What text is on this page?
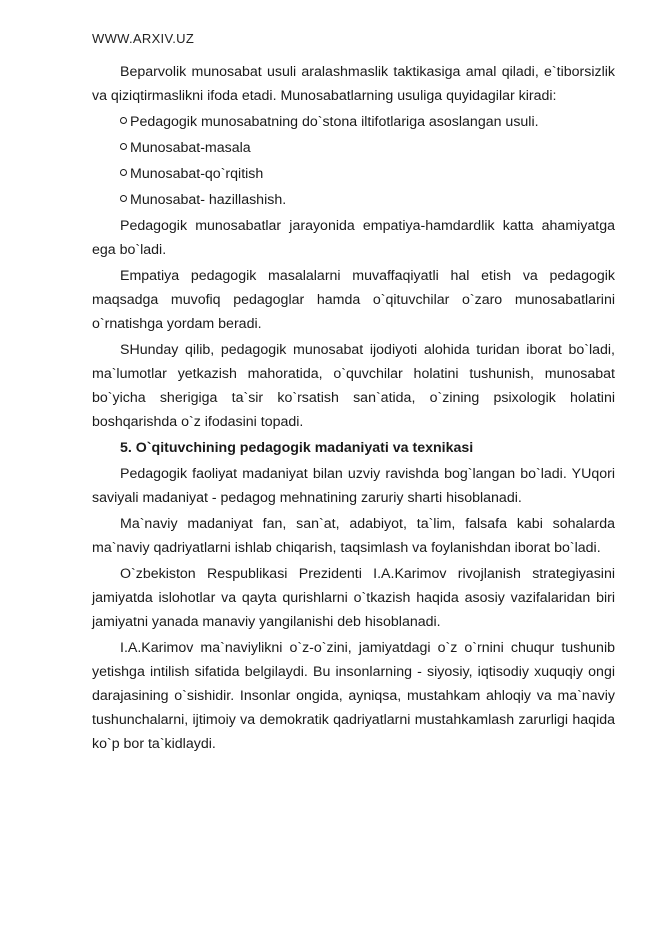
WWW.ARXIV.UZ

Beparvolik munosabat usuli aralashmaslik taktikasiga amal qiladi, e`tiborsizlik va qiziqtirmaslikni ifoda etadi. Munosabatlarning usuliga quyidagilar kiradi:

Pedagogik munosabatning do`stona iltifotlariga asoslangan usuli.
Munosabat-masala
Munosabat-qo`rqitish
Munosabat- hazillashish.

Pedagogik munosabatlar jarayonida empatiya-hamdardlik katta ahamiyatga ega bo`ladi.

Empatiya pedagogik masalalarni muvaffaqiyatli hal etish va pedagogik maqsadga muvofiq pedagoglar hamda o`qituvchilar o`zaro munosabatlarini o`rnatishga yordam beradi.

SHunday qilib, pedagogik munosabat ijodiyoti alohida turidan iborat bo`ladi, ma`lumotlar yetkazish mahoratida, o`quvchilar holatini tushunish, munosabat bo`yicha sherigiga ta`sir ko`rsatish san`atida, o`zining psixologik holatini boshqarishda o`z ifodasini topadi.

5. O`qituvchining pedagogik madaniyati va texnikasi

Pedagogik faoliyat madaniyat bilan uzviy ravishda bog`langan bo`ladi. YUqori saviyali madaniyat - pedagog mehnatining zaruriy sharti hisoblanadi.

Ma`naviy madaniyat fan, san`at, adabiyot, ta`lim, falsafa kabi sohalarda ma`naviy qadriyatlarni ishlab chiqarish, taqsimlash va foylanishdan iborat bo`ladi.

O`zbekiston Respublikasi Prezidenti I.A.Karimov rivojlanish strategiyasini jamiyatda islohotlar va qayta qurishlarni o`tkazish haqida asosiy vazifalaridan biri jamiyatni yanada manaviy yangilanishi deb hisoblanadi.

I.A.Karimov ma`naviylikni o`z-o`zini, jamiyatdagi o`z o`rnini chuqur tushunib yetishga intilish sifatida belgilaydi. Bu insonlarning - siyosiy, iqtisodiy xuquqiy ongi darajasining o`sishidir. Insonlar ongida, ayniqsa, mustahkam ahloqiy va ma`naviy tushunchalarni, ijtimoiy va demokratik qadriyatlarni mustahkamlash zarurligi haqida ko`p bor ta`kidlaydi.
